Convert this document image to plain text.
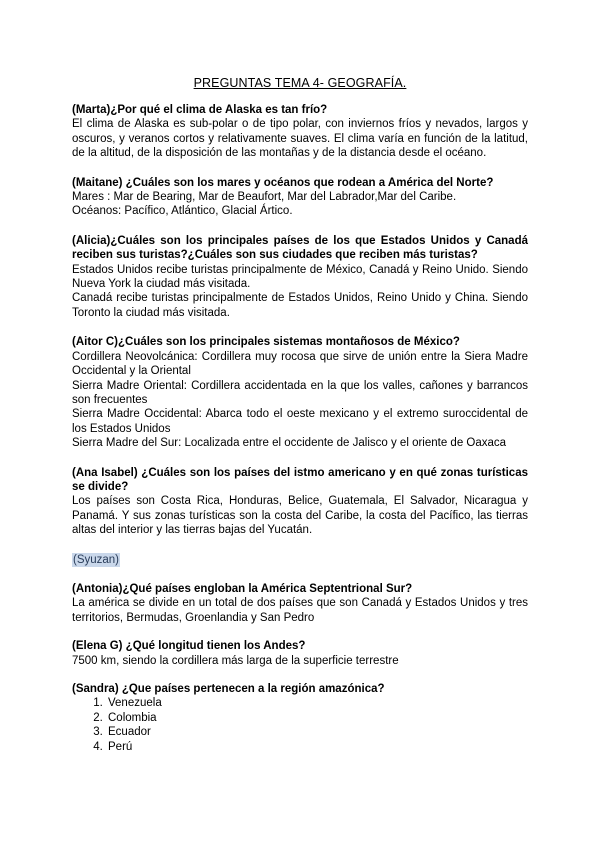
PREGUNTAS TEMA 4- GEOGRAFÍA.

(Marta)¿Por qué el clima de Alaska es tan frío?

El clima de Alaska es sub-polar o de tipo polar, con inviernos fríos y nevados, largos y oscuros, y veranos cortos y relativamente suaves. El clima varía en función de la latitud, de la altitud, de la disposición de las montañas y de la distancia desde el océano.

(Maitane) ¿Cuáles son los mares y océanos que rodean a América del Norte?

Mares : Mar de Bearing, Mar de Beaufort, Mar del Labrador,Mar del Caribe.

Océanos: Pacífico, Atlántico, Glacial Ártico.

(Alicia)¿Cuáles son los principales países de los que Estados Unidos y Canadá reciben sus turistas?¿Cuáles son sus ciudades que reciben más turistas?

Estados Unidos recibe turistas principalmente de México, Canadá y Reino Unido. Siendo Nueva York la ciudad más visitada.

Canadá recibe turistas principalmente de Estados Unidos, Reino Unido y China. Siendo Toronto la ciudad más visitada.

(Aitor C)¿Cuáles son los principales sistemas montañosos de México?

Cordillera Neovolcánica: Cordillera muy rocosa que sirve de unión entre la Siera Madre Occidental y la Oriental

Sierra Madre Oriental: Cordillera accidentada en la que los valles, cañones y barrancos son frecuentes

Sierra Madre Occidental: Abarca todo el oeste mexicano y el extremo suroccidental de los Estados Unidos

Sierra Madre del Sur: Localizada entre el occidente de Jalisco y el oriente de Oaxaca

(Ana Isabel) ¿Cuáles son los países del istmo americano y en qué zonas turísticas se divide?

Los países son Costa Rica, Honduras, Belice, Guatemala, El Salvador, Nicaragua y Panamá. Y sus zonas turísticas son la costa del Caribe, la costa del Pacífico, las tierras altas del interior y las tierras bajas del Yucatán.

(Syuzan)

(Antonia)¿Qué países engloban la América Septentrional Sur?

La américa se divide en un total de dos países que son Canadá y Estados Unidos y tres territorios, Bermudas, Groenlandia y San Pedro

(Elena G) ¿Qué longitud tienen los Andes?

7500 km, siendo la cordillera más larga de la superficie terrestre

(Sandra) ¿Que países pertenecen a la región amazónica?

1. Venezuela
2. Colombia
3. Ecuador
4. Perú
